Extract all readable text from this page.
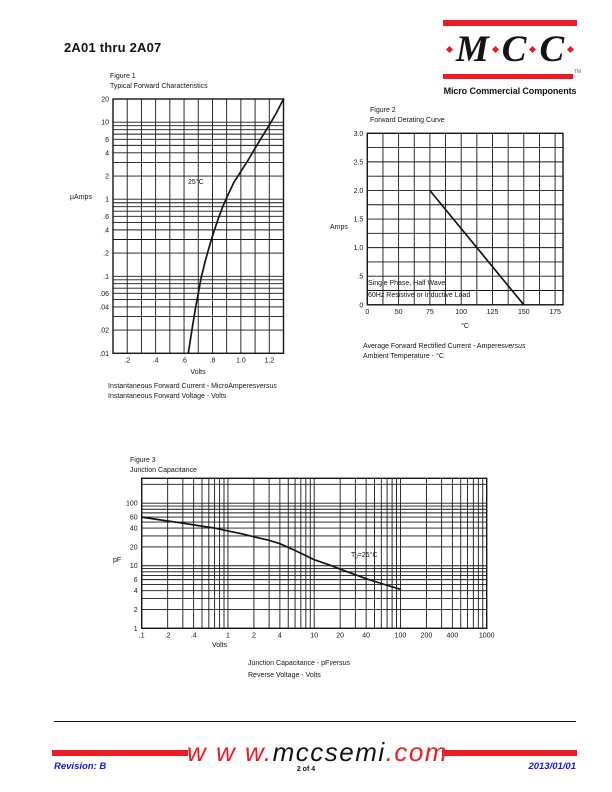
.2	.4	.6	.8	1.0	1.2
20
10
6
4
2
1
.6
.4
.2
.1
.06
.04
.02
.01
0	50	75	100	125	150	175
3.0
2.5
2.0
1.5
1.0
.5
0
.1	.2	.4	1	2	4	10	20	40	100 200 400	1000
100
60
40
20
10
6
4
2
1
2A01 thru 2A07	M C C
TM
Micro Commercial Components
Figure 1
Typical Forward Characteristics
µAmps
25°C
Volts
Instantaneous Forward Current - MicroAmperesversus
Instantaneous Forward Voltage - Volts
Figure 2
Forward Derating Curve
Amps
Single Phase, Half Wave
60Hz Resistive or Inductive Load
°C
Average Forward Rectified Current - Amperesversus
Ambient Temperature - °C
Figure 3
Junction Capacitance
pF
$T_J=25^\circ C$
Volts
Junction Capacitance - pFversus
Reverse Voltage - Volts
w w w.mccsemi.com
Revision: B	2 of 4	2013/01/01
